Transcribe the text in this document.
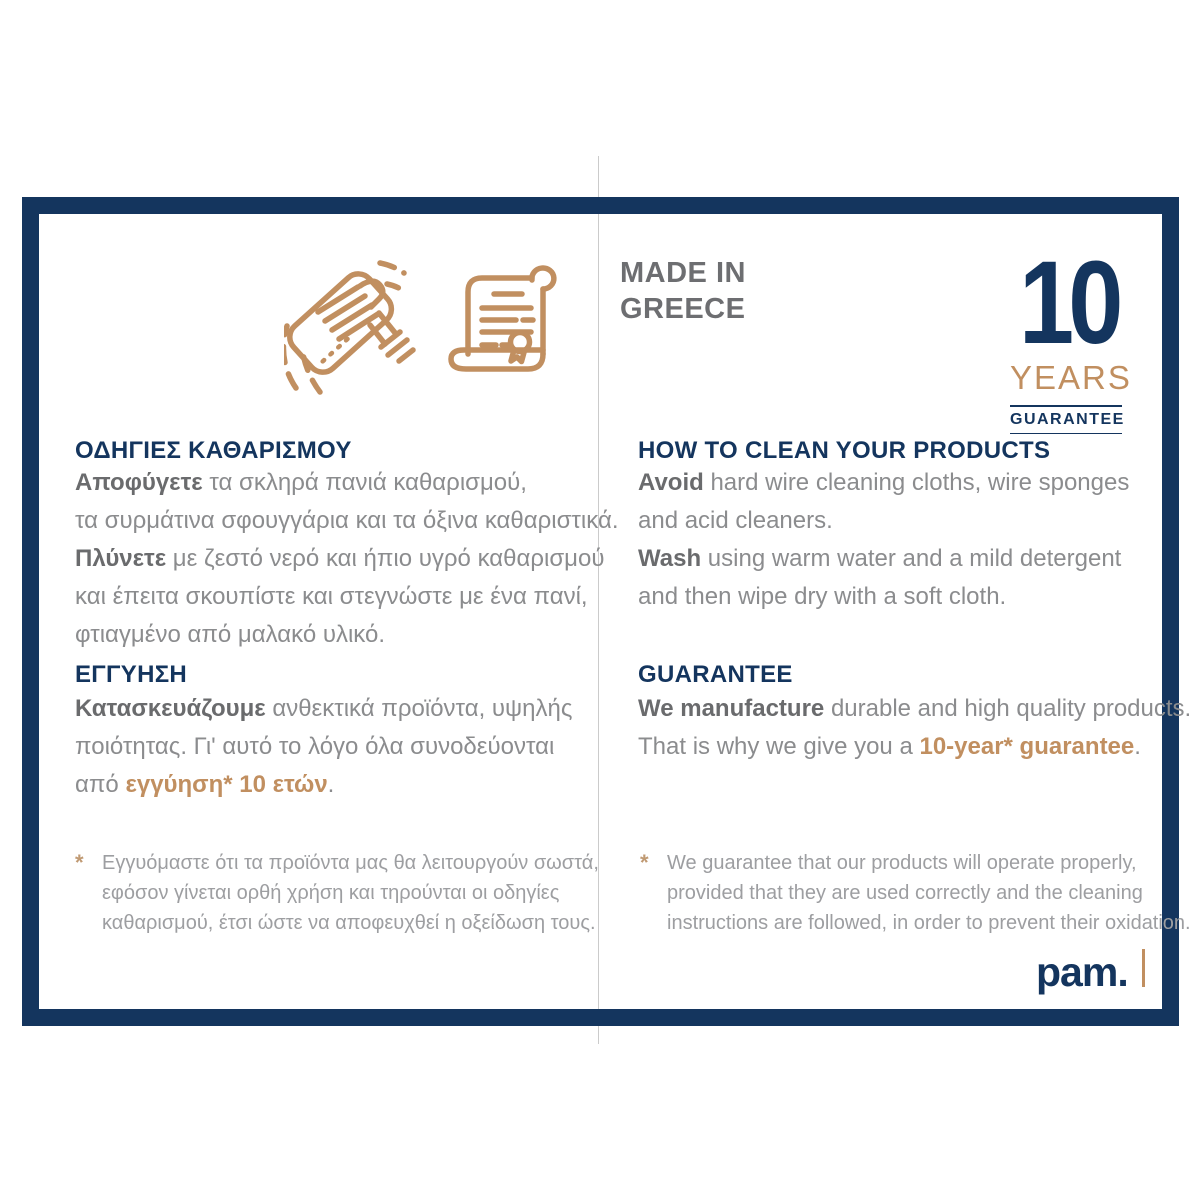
MADE IN
GREECE 10
YEARS
GUARANTEE
ΟΔΗΓΙΕΣ ΚΑΘΑΡΙΣΜΟΥ
Αποφύγετε τα σκληρά πανιά καθαρισμού,
τα συρμάτινα σφουγγάρια και τα όξινα καθαριστικά.
Πλύνετε με ζεστό νερό και ήπιο υγρό καθαρισμού
και έπειτα σκουπίστε και στεγνώστε με ένα πανί,
φτιαγμένο από μαλακό υλικό.
ΕΓΓΥΗΣΗ
Κατασκευάζουμε ανθεκτικά προϊόντα, υψηλής
ποιότητας. Γι' αυτό το λόγο όλα συνοδεύονται
από εγγύηση* 10 ετών.
* Εγγυόμαστε ότι τα προϊόντα μας θα λειτουργούν σωστά,
εφόσον γίνεται ορθή χρήση και τηρούνται οι οδηγίες
καθαρισμού, έτσι ώστε να αποφευχθεί η οξείδωση τους.
HOW TO CLEAN YOUR PRODUCTS
Avoid hard wire cleaning cloths, wire sponges
and acid cleaners.
Wash using warm water and a mild detergent
and then wipe dry with a soft cloth.
GUARANTEE
We manufacture durable and high quality products.
That is why we give you a 10-year* guarantee.
* We guarantee that our products will operate properly,
provided that they are used correctly and the cleaning
instructions are followed, in order to prevent their oxidation.
pam .
